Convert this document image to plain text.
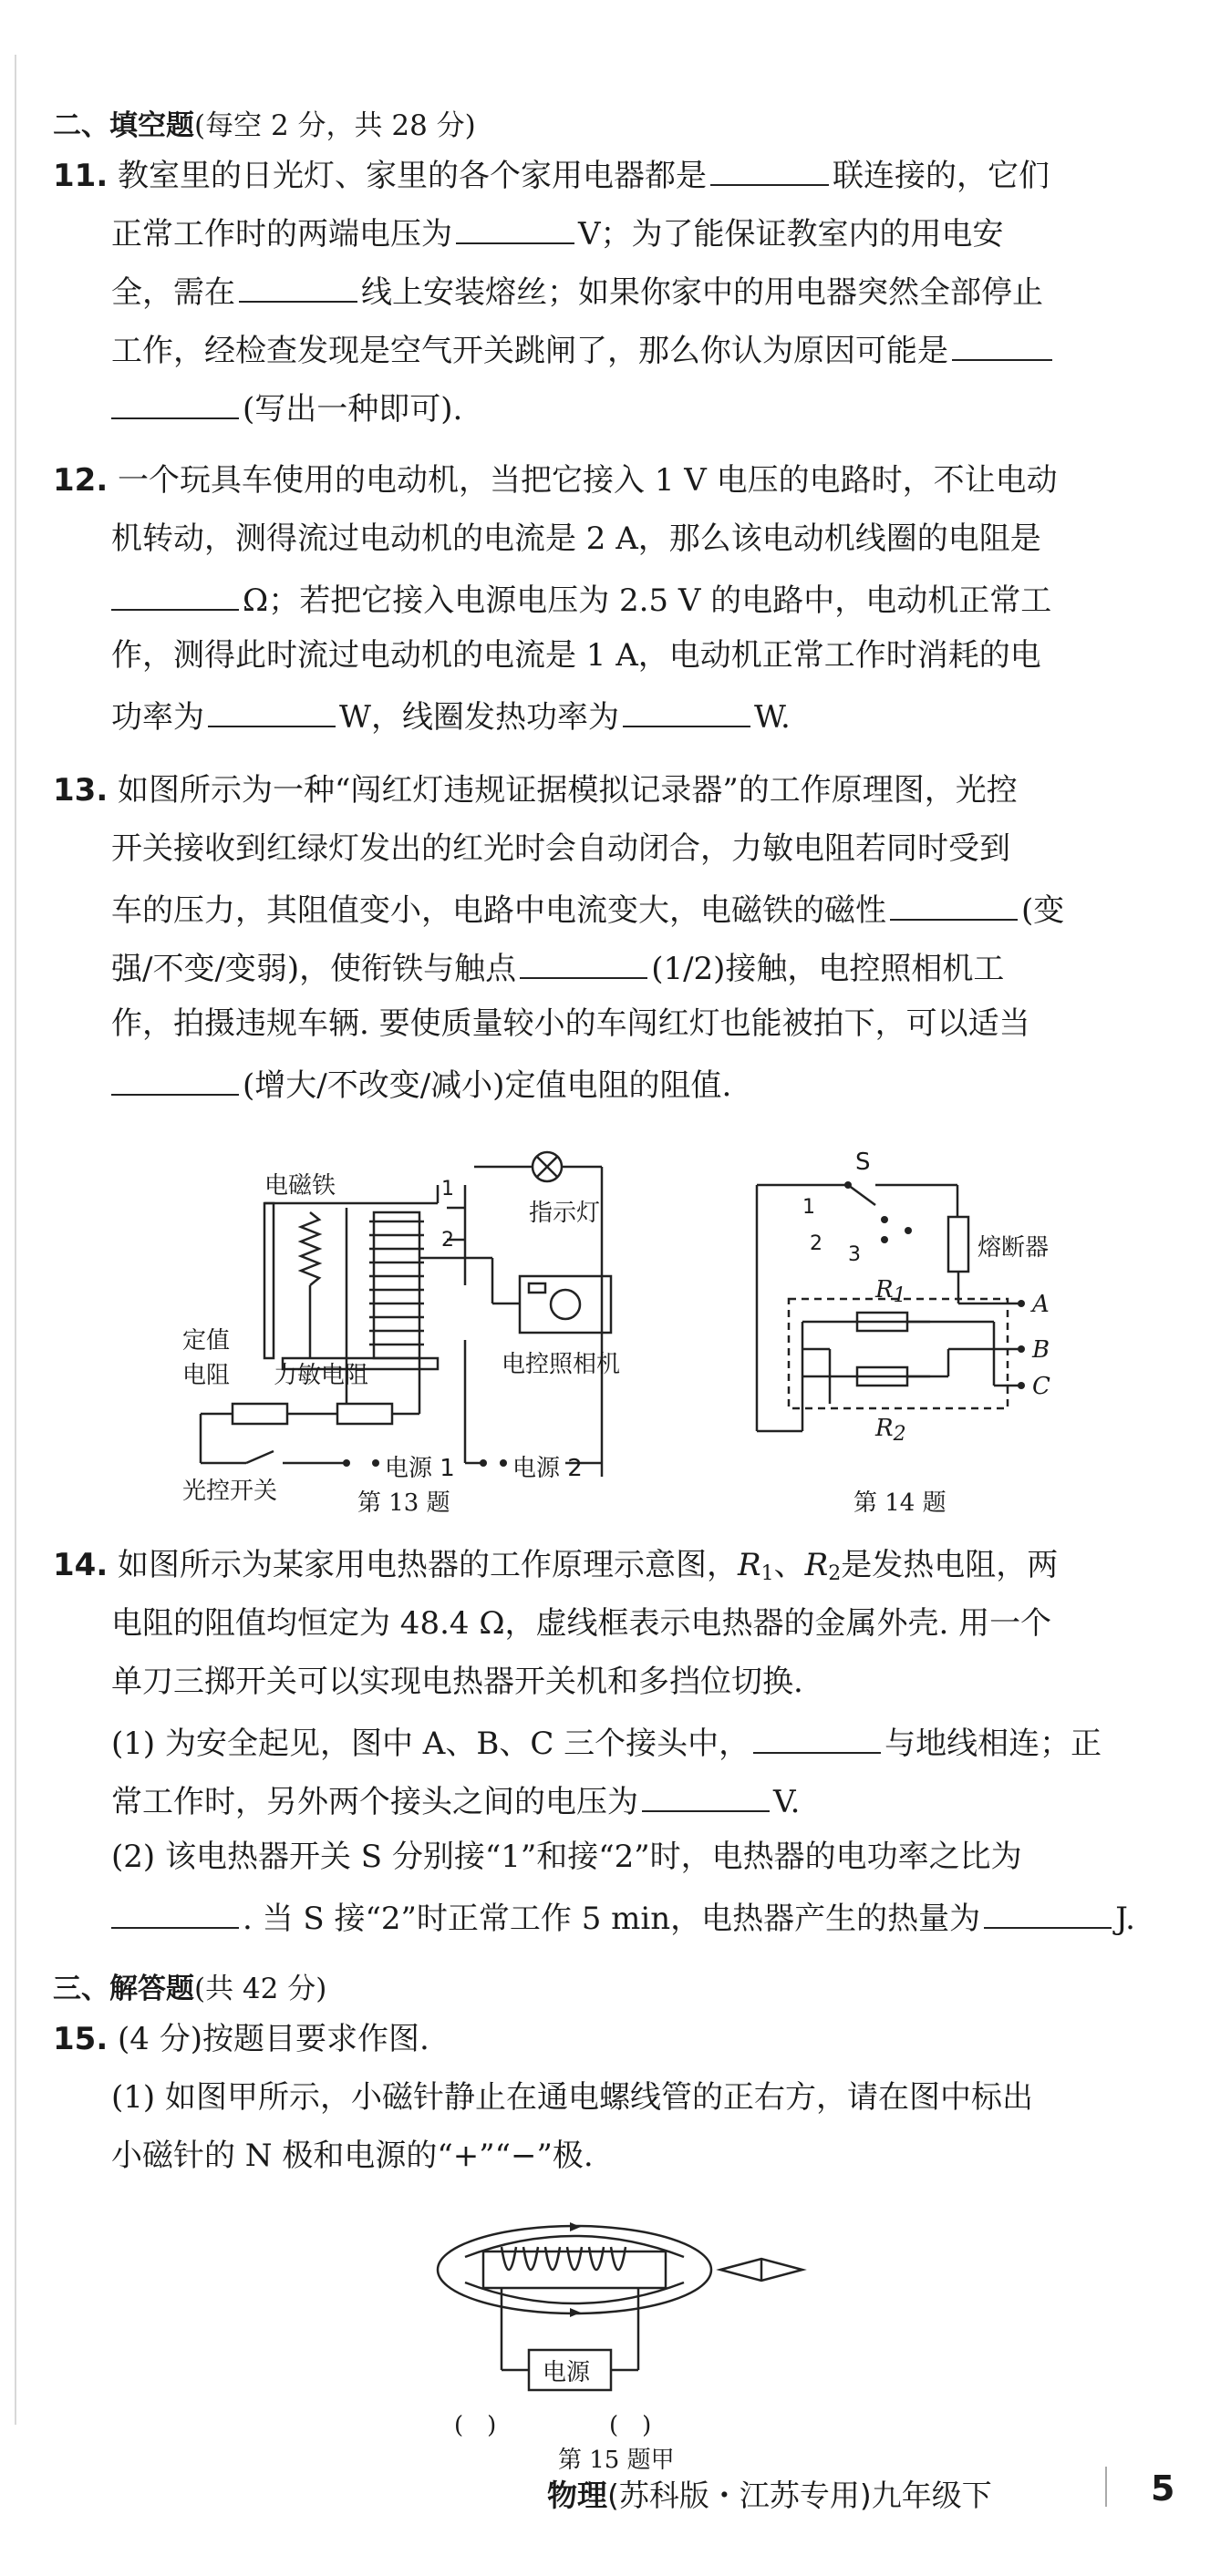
二、填空题(每空 2 分，共 28 分)
11. 教室里的日光灯、家里的各个家用电器都是	联连接的，它们
正常工作时的两端电压为	V；为了能保证教室内的用电安
全，需在	线上安装熔丝；如果你家中的用电器突然全部停止
工作，经检查发现是空气开关跳闸了，那么你认为原因可能是
(写出一种即可).
12. 一个玩具车使用的电动机，当把它接入 1 V 电压的电路时，不让电动
机转动，测得流过电动机的电流是 2 A，那么该电动机线圈的电阻是
Ω；若把它接入电源电压为 2.5 V 的电路中，电动机正常工
作，测得此时流过电动机的电流是 1 A，电动机正常工作时消耗的电
功率为	W，线圈发热功率为	W.
13. 如图所示为一种“闯红灯违规证据模拟记录器”的工作原理图，光控
开关接收到红绿灯发出的红光时会自动闭合，力敏电阻若同时受到
车的压力，其阻值变小，电路中电流变大，电磁铁的磁性	(变
强/不变/变弱)，使衔铁与触点	(1/2)接触，电控照相机工
作，拍摄违规车辆. 要使质量较小的车闯红灯也能被拍下，可以适当
(增大/不改变/减小)定值电阻的阻值.
电磁铁	1
2
指示灯
电控照相机
定值
电阻 力敏电阻
光控开关
电源 1 电源 2
第 13 题
S
1
2 3	熔断器
$R_1$
$R_2$
A
B
C
第 14 题
14. 如图所示为某家用电热器的工作原理示意图，$R_1$、$R_2$是发热电阻，两
电阻的阻值均恒定为 48.4 Ω，虚线框表示电热器的金属外壳. 用一个
单刀三掷开关可以实现电热器开关机和多挡位切换.
(1) 为安全起见，图中 A、B、C 三个接头中，	与地线相连；正
常工作时，另外两个接头之间的电压为	V.
(2) 该电热器开关 S 分别接“1”和接“2”时，电热器的电功率之比为
. 当 S 接“2”时正常工作 5 min，电热器产生的热量为	J.
三、解答题(共 42 分)
15. (4 分)按题目要求作图.
(1) 如图甲所示，小磁针静止在通电螺线管的正右方，请在图中标出
小磁针的 N 极和电源的“+”“−”极.
电源
(　)	(　)
第 15 题甲
物理(苏科版・江苏专用)九年级下	5
